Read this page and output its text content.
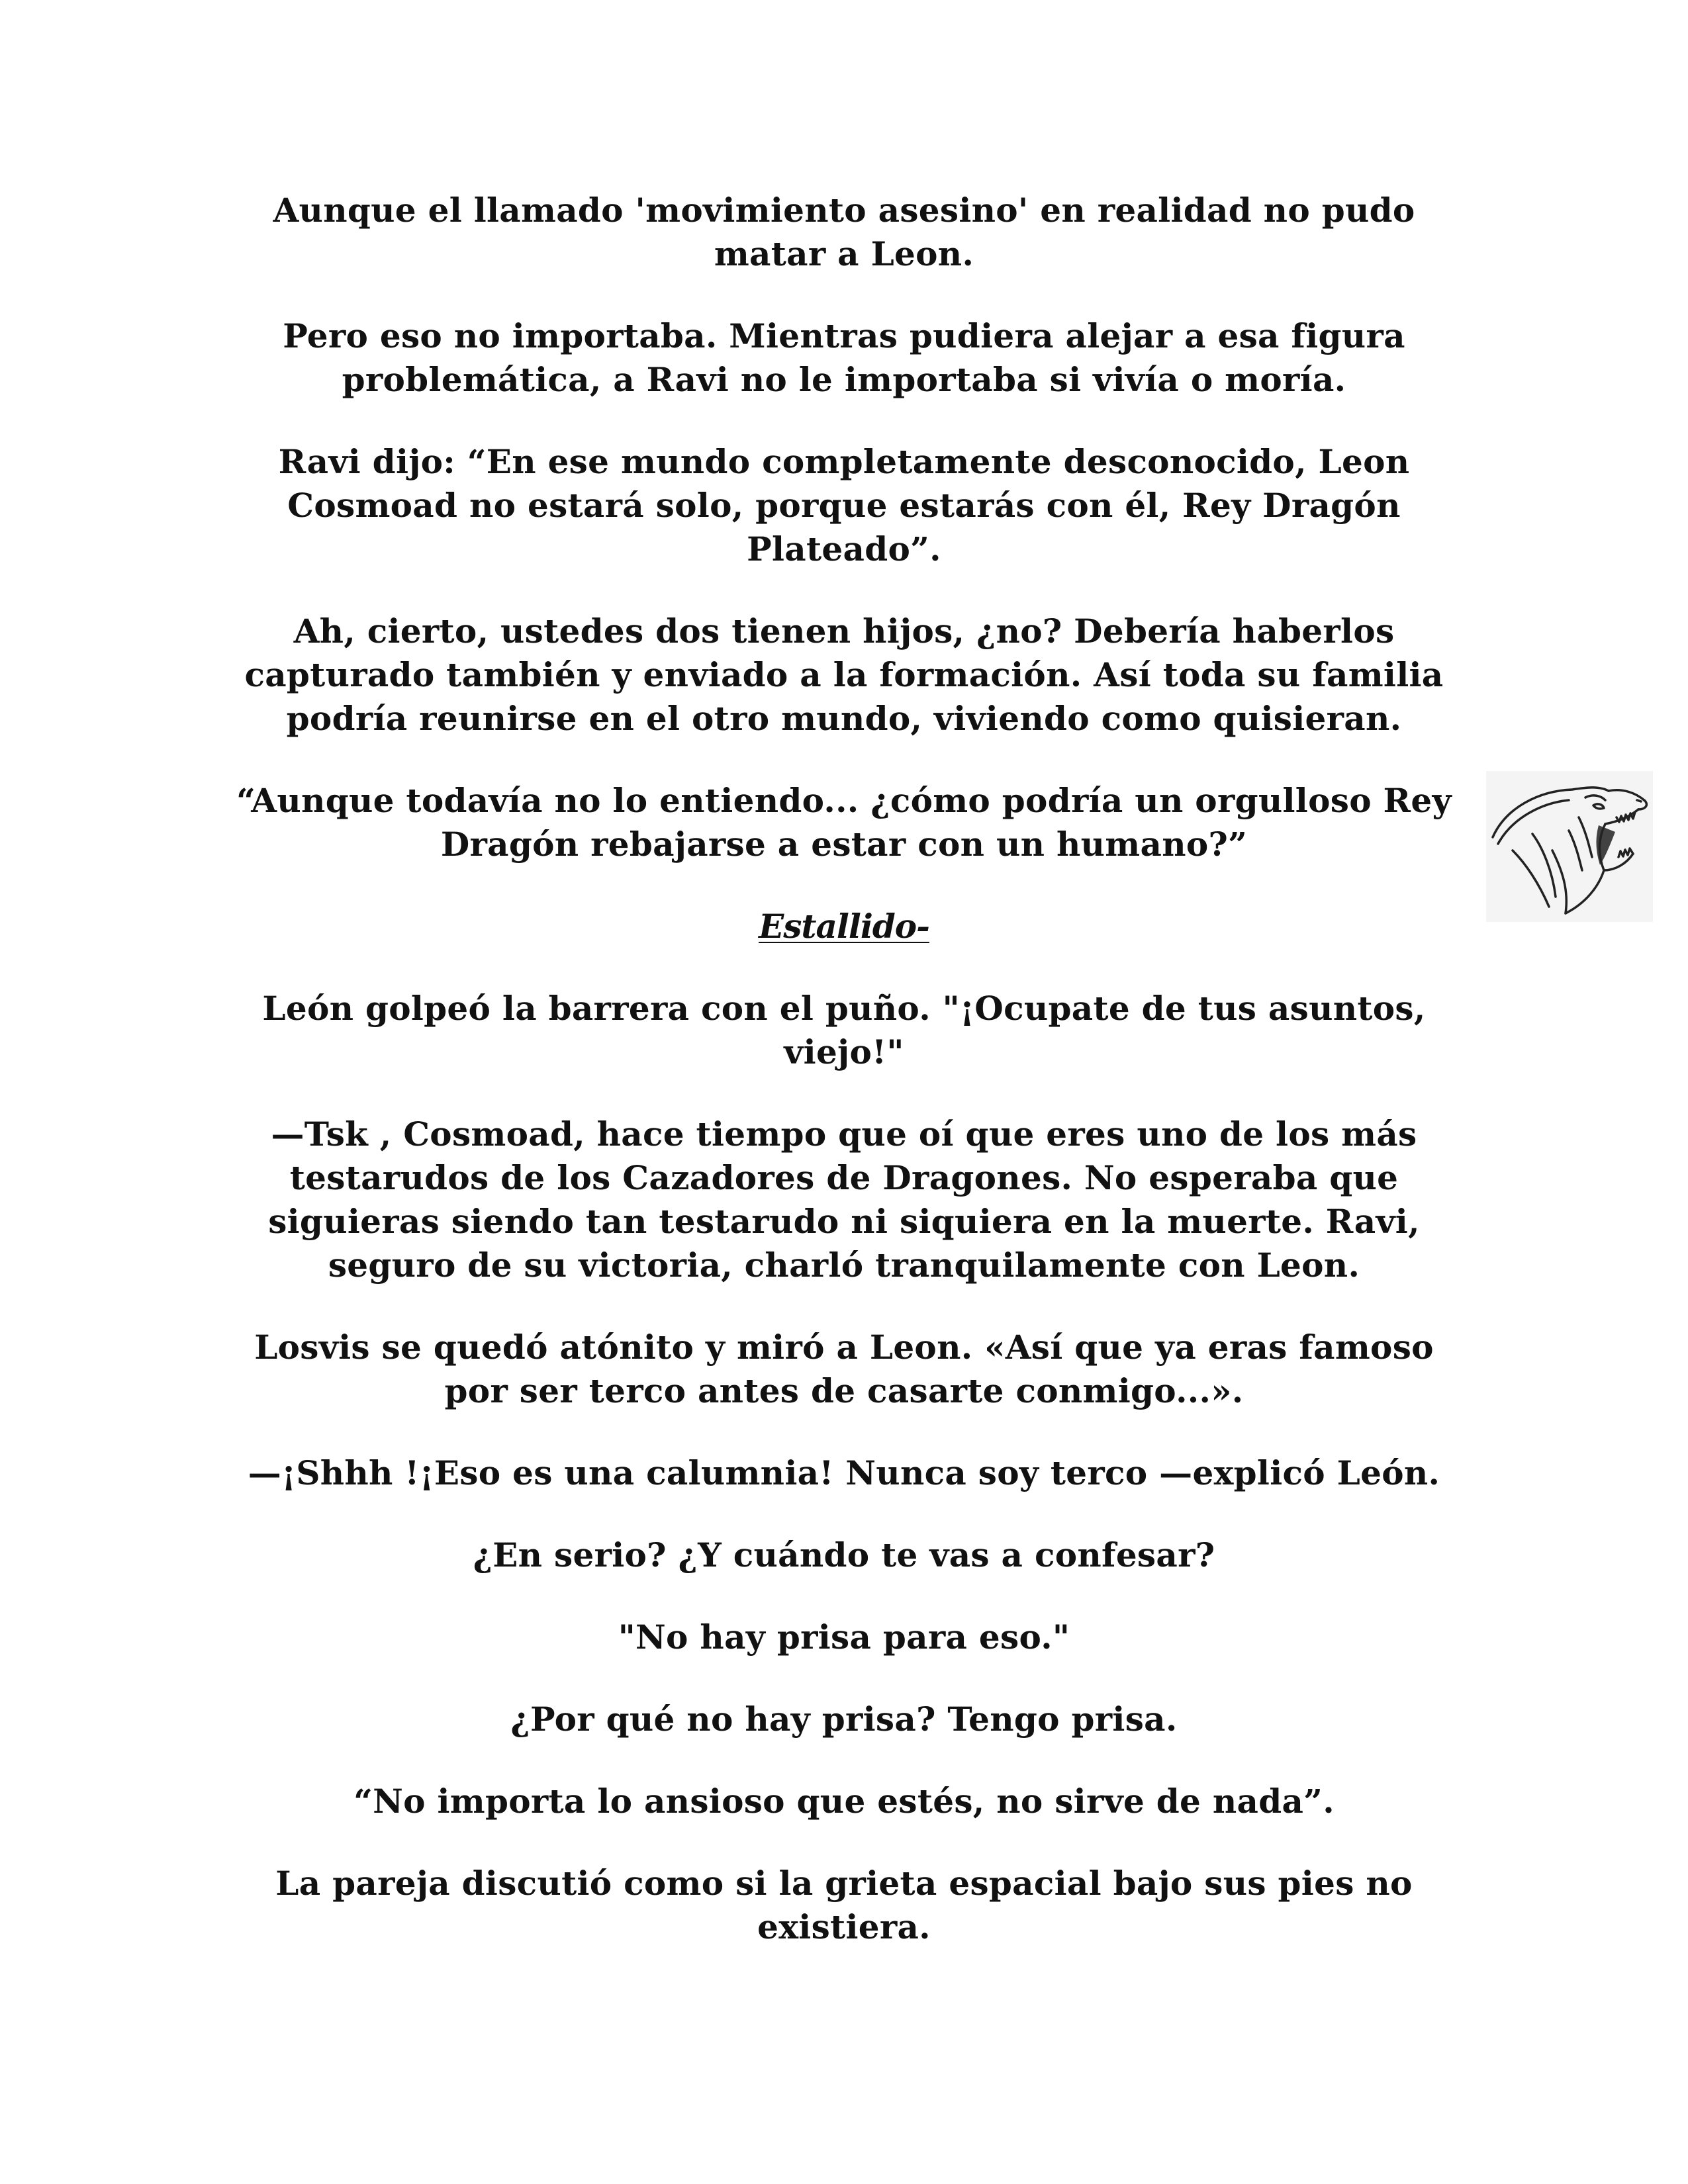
Aunque el llamado 'movimiento asesino' en realidad no pudo matar a Leon.

Pero eso no importaba. Mientras pudiera alejar a esa figura problemática, a Ravi no le importaba si vivía o moría.

Ravi dijo: “En ese mundo completamente desconocido, Leon Cosmoad no estará solo, porque estarás con él, Rey Dragón Plateado”.

Ah, cierto, ustedes dos tienen hijos, ¿no? Debería haberlos capturado también y enviado a la formación. Así toda su familia podría reunirse en el otro mundo, viviendo como quisieran.

“Aunque todavía no lo entiendo... ¿cómo podría un orgulloso Rey Dragón rebajarse a estar con un humano?”

Estallido-

León golpeó la barrera con el puño. "¡Ocupate de tus asuntos, viejo!"

—Tsk , Cosmoad, hace tiempo que oí que eres uno de los más testarudos de los Cazadores de Dragones. No esperaba que siguieras siendo tan testarudo ni siquiera en la muerte. Ravi, seguro de su victoria, charló tranquilamente con Leon.

Losvis se quedó atónito y miró a Leon. «Así que ya eras famoso por ser terco antes de casarte conmigo...».

—¡Shhh !¡Eso es una calumnia! Nunca soy terco —explicó León.

¿En serio? ¿Y cuándo te vas a confesar?

"No hay prisa para eso."

¿Por qué no hay prisa? Tengo prisa.

“No importa lo ansioso que estés, no sirve de nada”.

La pareja discutió como si la grieta espacial bajo sus pies no existiera.
